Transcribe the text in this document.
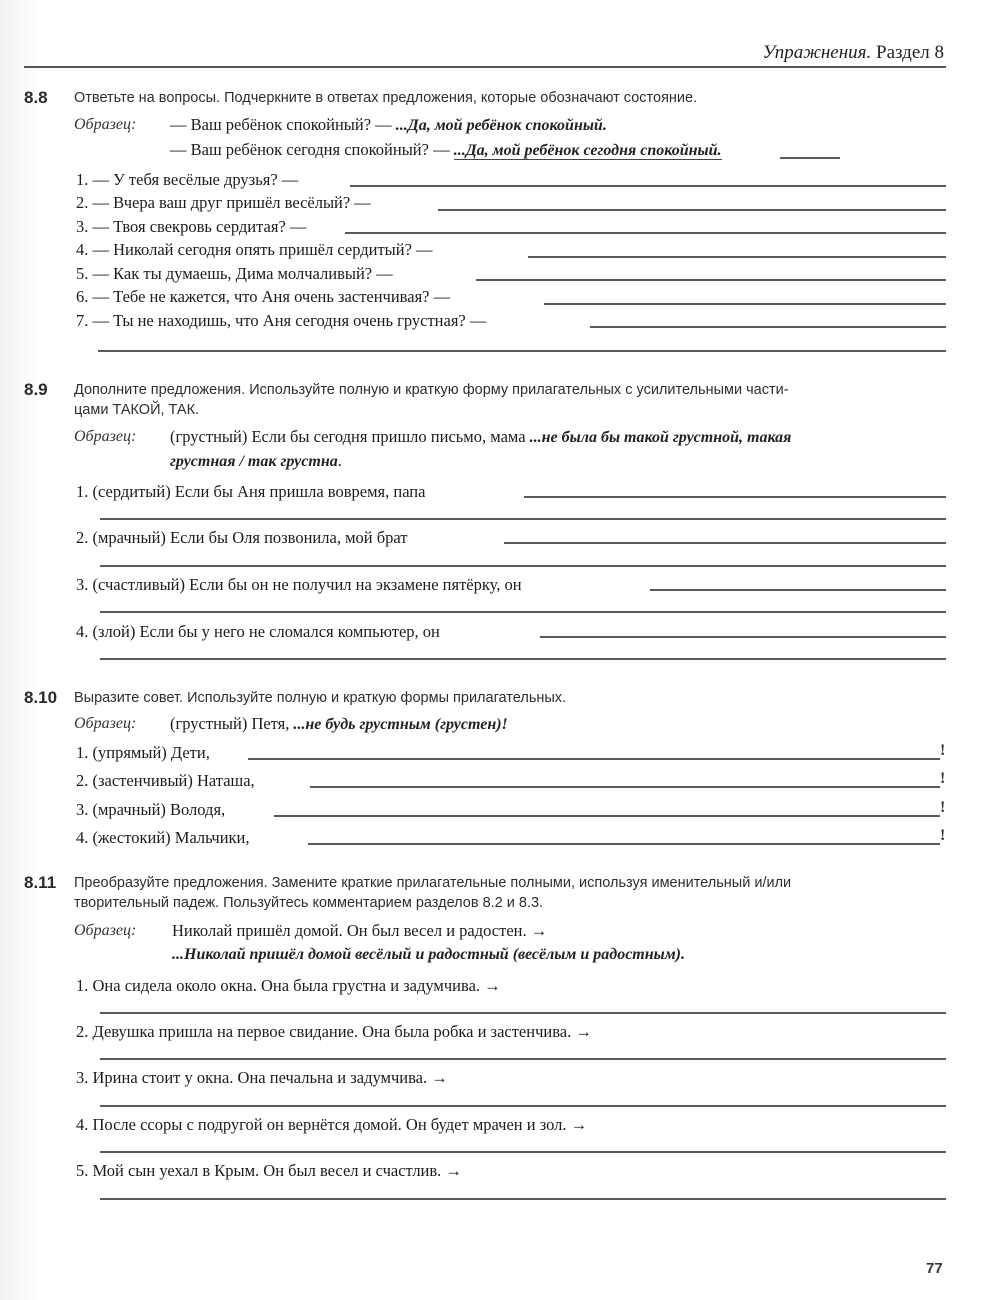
Упражнения. Раздел 8
8.8 Ответьте на вопросы. Подчеркните в ответах предложения, которые обозначают состояние.
Образец: — Ваш ребёнок спокойный? — ...Да, мой ребёнок спокойный.
— Ваш ребёнок сегодня спокойный? — ...Да, мой ребёнок сегодня спокойный.
1. — У тебя весёлые друзья? —
2. — Вчера ваш друг пришёл весёлый? —
3. — Твоя свекровь сердитая? —
4. — Николай сегодня опять пришёл сердитый? —
5. — Как ты думаешь, Дима молчаливый? —
6. — Тебе не кажется, что Аня очень застенчивая? —
7. — Ты не находишь, что Аня сегодня очень грустная? —
8.9 Дополните предложения. Используйте полную и краткую форму прилагательных с усилительными части-
цами ТАКОЙ, ТАК.
Образец: (грустный) Если бы сегодня пришло письмо, мама ...не была бы такой грустной, такая
грустная / так грустна.
1. (сердитый) Если бы Аня пришла вовремя, папа
2. (мрачный) Если бы Оля позвонила, мой брат
3. (счастливый) Если бы он не получил на экзамене пятёрку, он
4. (злой) Если бы у него не сломался компьютер, он
8.10 Выразите совет. Используйте полную и краткую формы прилагательных.
Образец: (грустный) Петя, ...не будь грустным (грустен)!
1. (упрямый) Дети,	!
2. (застенчивый) Наташа,	!
3. (мрачный) Володя,	!
4. (жестокий) Мальчики,	!
8.11 Преобразуйте предложения. Замените краткие прилагательные полными, используя именительный и/или
творительный падеж. Пользуйтесь комментарием разделов 8.2 и 8.3.
Образец: Николай пришёл домой. Он был весел и радостен. →
...Николай пришёл домой весёлый и радостный (весёлым и радостным).
1. Она сидела около окна. Она была грустна и задумчива. →
2. Девушка пришла на первое свидание. Она была робка и застенчива. →
3. Ирина стоит у окна. Она печальна и задумчива. →
4. После ссоры с подругой он вернётся домой. Он будет мрачен и зол. →
5. Мой сын уехал в Крым. Он был весел и счастлив. →
77
